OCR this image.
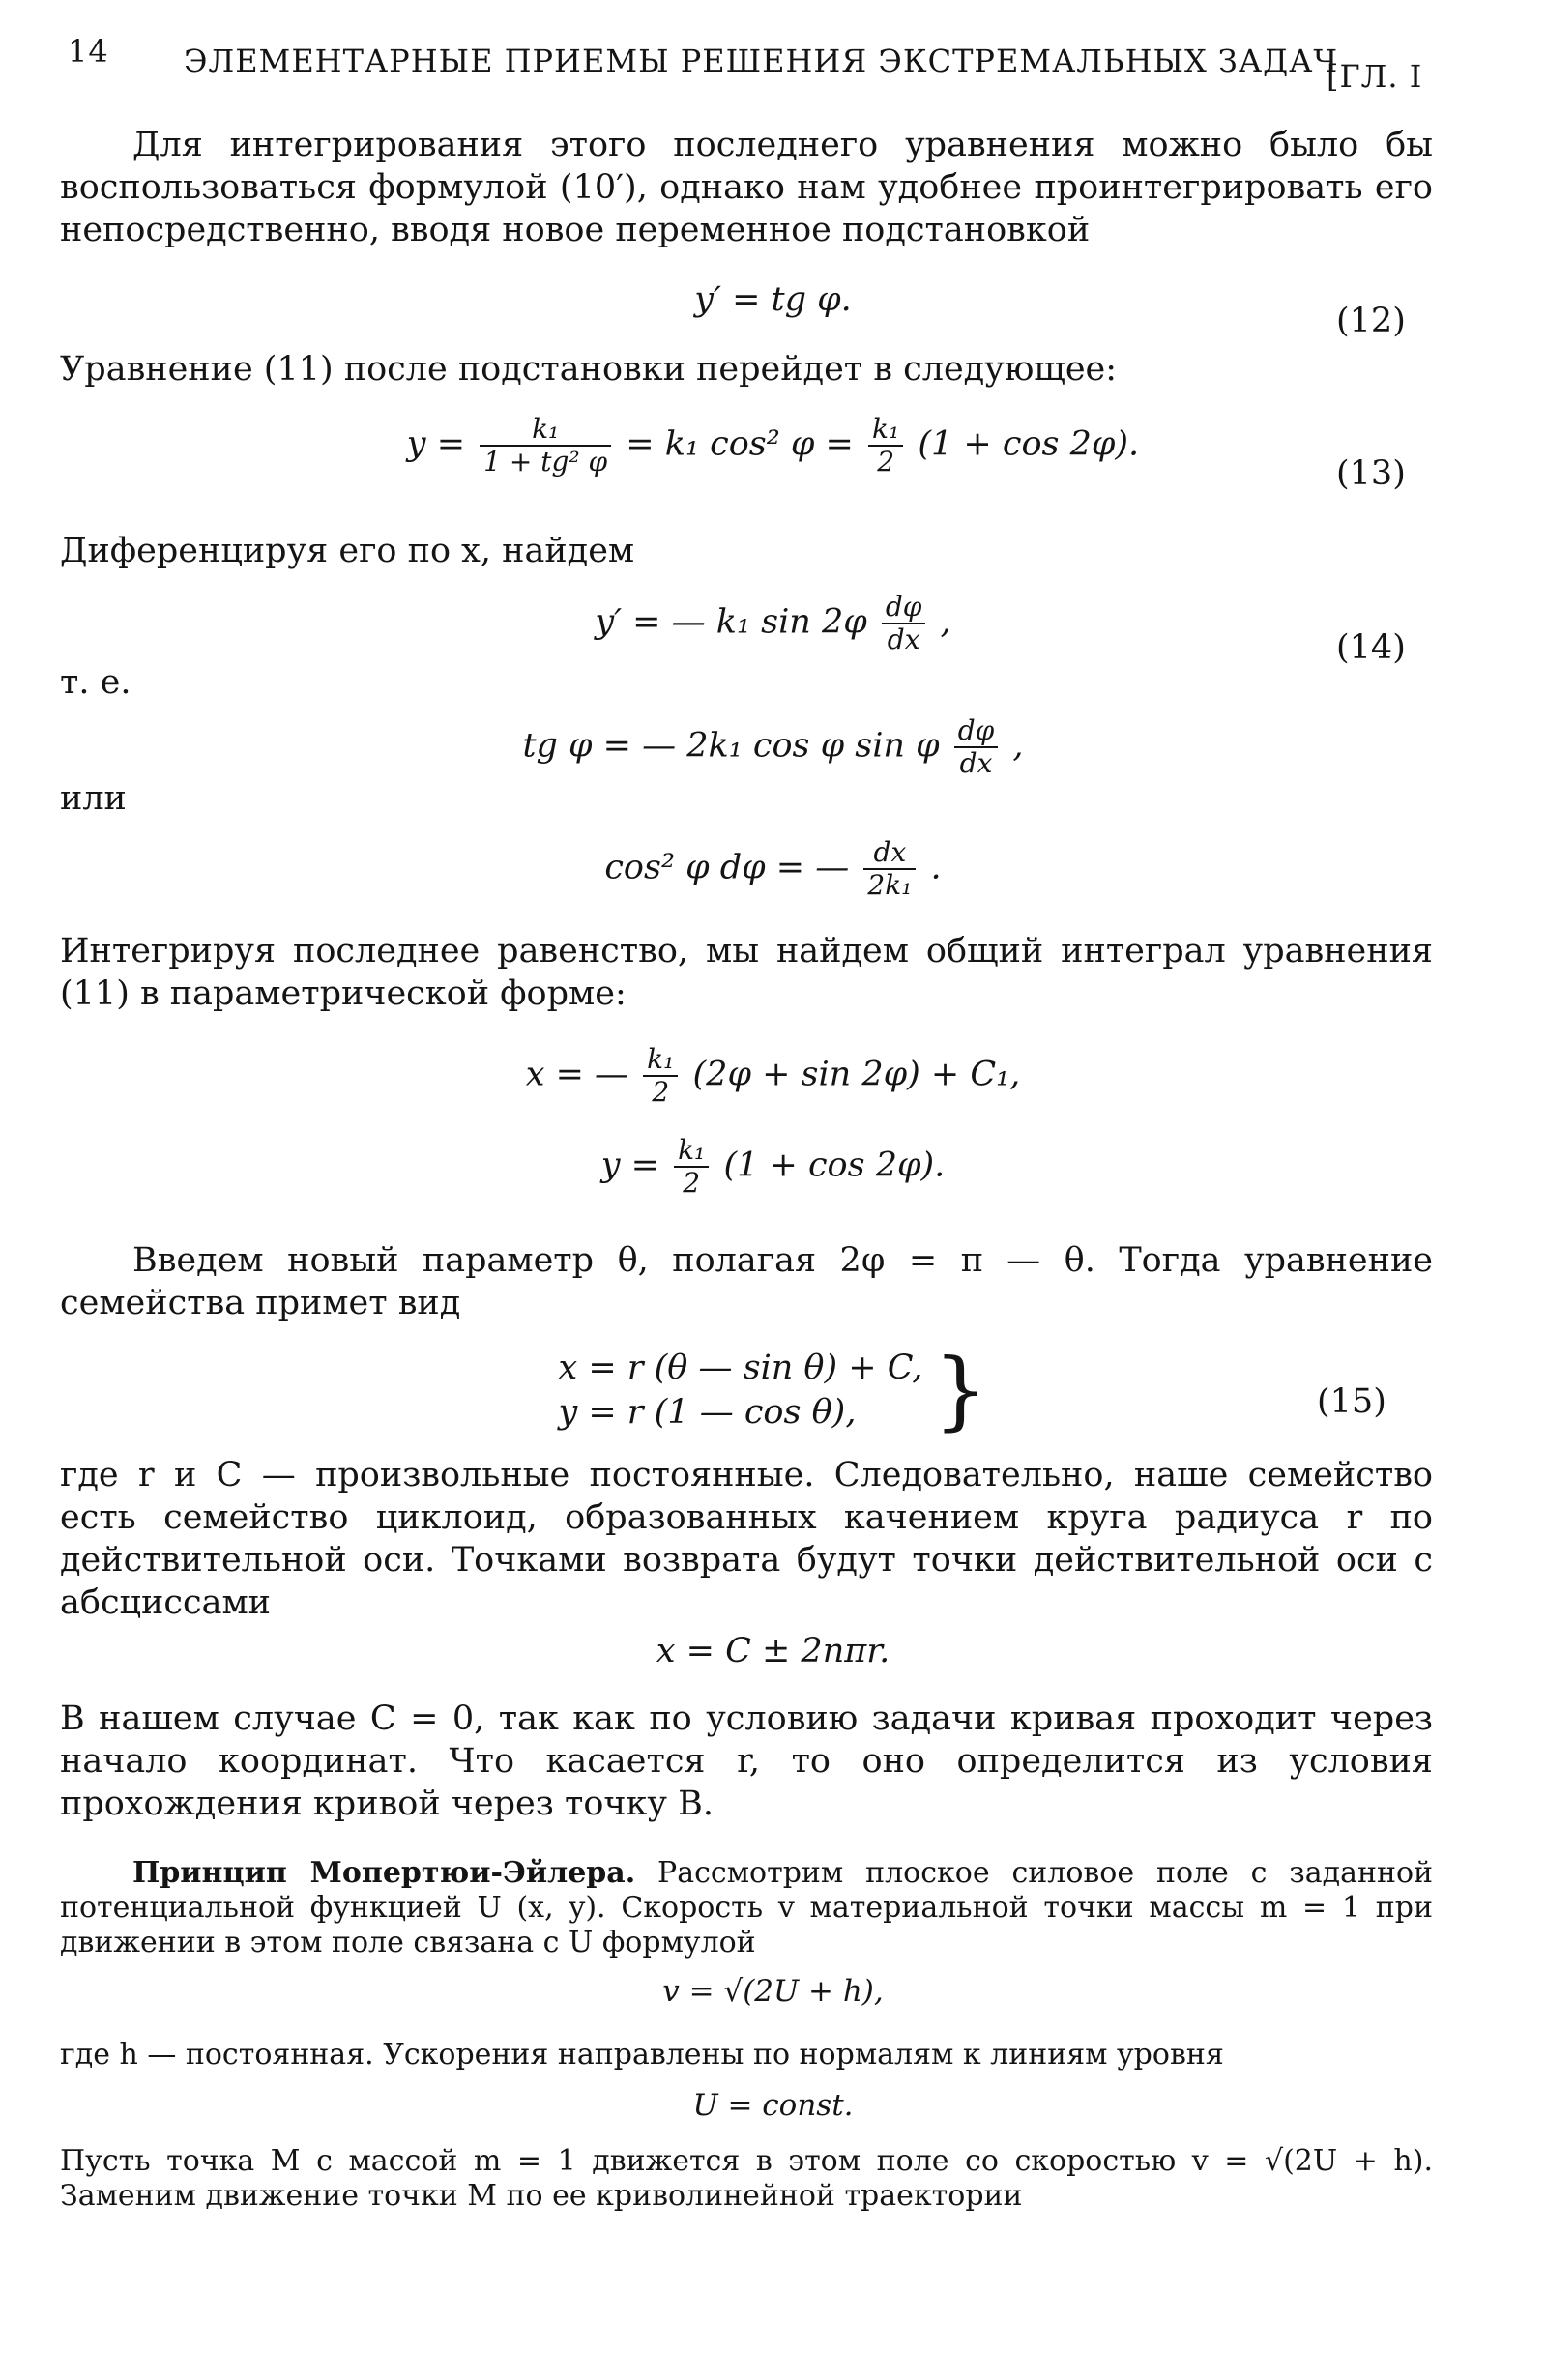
14 ЭЛЕМЕНТАРНЫЕ ПРИЕМЫ РЕШЕНИЯ ЭКСТРЕМАЛЬНЫХ ЗАДАЧ
[ГЛ. I

Для интегрирования этого последнего уравнения можно было бы воспользоваться формулой (10′), однако нам удобнее проинтегрировать его непосредственно, вводя новое переменное подстановкой

y′ = tg φ.
(12)

Уравнение (11) после подстановки перейдет в следующее:

$y = \frac{\text{k₁}}{\text{1 + tg² φ}} = k_1$ cos² $\varphi = \frac{\text{k₁}}{2} (1 + \cos 2\varphi)$.
(13)

Диференцируя его по x, найдем

y′ = — k₁ $\sin 2\varphi \frac{d\varphi}{dx}$ ,
(14)
т. е.
tg φ = — 2k₁ cos φ sin φ $\frac{d\varphi}{dx}$ ,
или
cos² φ dφ = — $\frac{dx}{\text{2k₁}}$ .

Интегрируя последнее равенство, мы найдем общий интеграл уравнения (11) в параметрической форме:

x = — $\frac{\text{k₁}}{2} (2\varphi + \sin 2\varphi) + C_1$,
$y = \frac{\text{k₁}}{2} (1 + \cos 2\varphi)$.

Введем новый параметр θ, полагая 2φ = π — θ. Тогда уравнение семейства примет вид

x = r (θ — sin θ) + C,
y = r (1 — cos θ), }	(15)

где r и C — произвольные постоянные. Следовательно, наше семейство есть семейство циклоид, образованных качением круга радиуса r по действительной оси. Точками возврата будут точки действительной оси с абсциссами

x = C ± 2nπr.

В нашем случае C = 0, так как по условию задачи кривая проходит через начало координат. Что касается r, то оно определится из условия прохождения кривой через точку B.

Принцип Мопертюи-Эйлера. Рассмотрим плоское силовое поле с заданной потенциальной функцией U (x, y). Скорость v материальной точки массы m = 1 при движении в этом поле связана с U формулой

v = √(2U + h),

где h — постоянная. Ускорения направлены по нормалям к линиям уровня

U = const.

Пусть точка M с массой m = 1 движется в этом поле со скоростью v = √(2U + h). Заменим движение точки M по ее криволинейной траектории
